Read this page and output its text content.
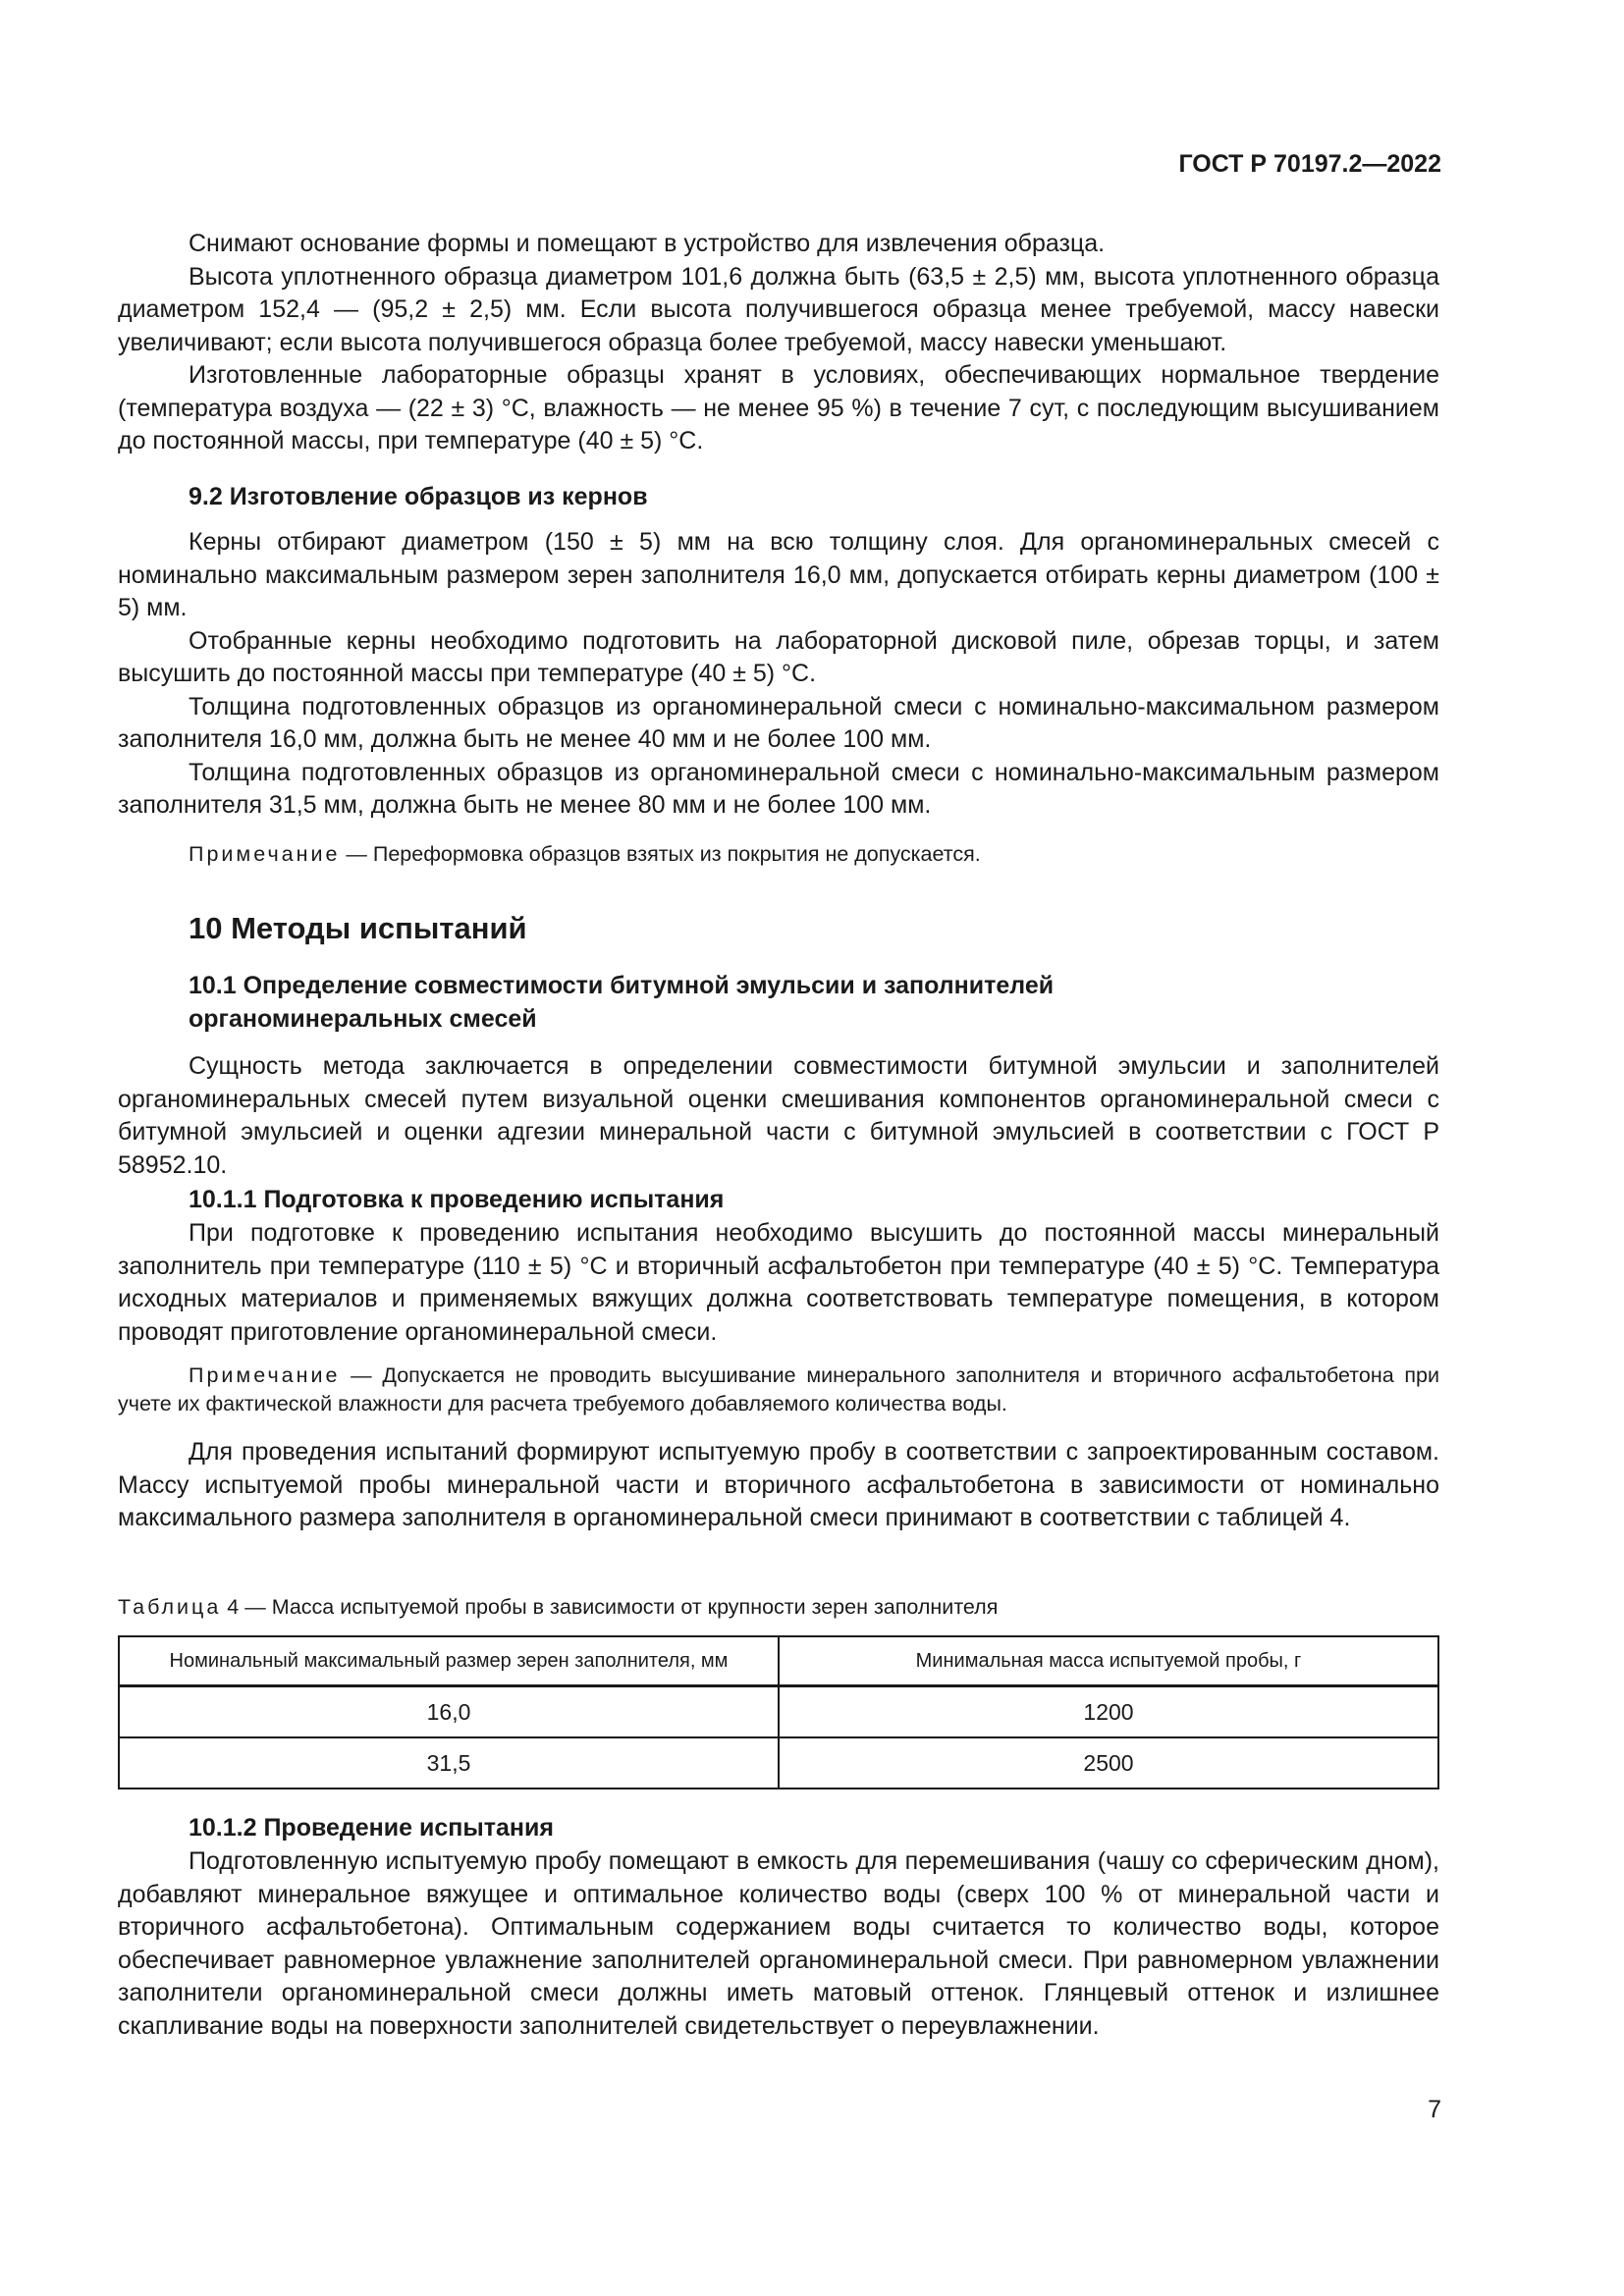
ГОСТ Р 70197.2—2022

Снимают основание формы и помещают в устройство для извлечения образца.

Высота уплотненного образца диаметром 101,6 должна быть (63,5 ± 2,5) мм, высота уплотненного образца диаметром 152,4 — (95,2 ± 2,5) мм. Если высота получившегося образца менее требуемой, массу навески увеличивают; если высота получившегося образца более требуемой, массу навески уменьшают.

Изготовленные лабораторные образцы хранят в условиях, обеспечивающих нормальное твердение (температура воздуха — (22 ± 3) °С, влажность — не менее 95 %) в течение 7 сут, с последующим высушиванием до постоянной массы, при температуре (40 ± 5) °С.

9.2 Изготовление образцов из кернов

Керны отбирают диаметром (150 ± 5) мм на всю толщину слоя. Для органоминеральных смесей с номинально максимальным размером зерен заполнителя 16,0 мм, допускается отбирать керны диаметром (100 ± 5) мм.

Отобранные керны необходимо подготовить на лабораторной дисковой пиле, обрезав торцы, и затем высушить до постоянной массы при температуре (40 ± 5) °С.

Толщина подготовленных образцов из органоминеральной смеси с номинально-максимальном размером заполнителя 16,0 мм, должна быть не менее 40 мм и не более 100 мм.

Толщина подготовленных образцов из органоминеральной смеси с номинально-максимальным размером заполнителя 31,5 мм, должна быть не менее 80 мм и не более 100 мм.

Примечание — Переформовка образцов взятых из покрытия не допускается.

10 Методы испытаний

10.1 Определение совместимости битумной эмульсии и заполнителей

органоминеральных смесей

Сущность метода заключается в определении совместимости битумной эмульсии и заполнителей органоминеральных смесей путем визуальной оценки смешивания компонентов органоминеральной смеси с битумной эмульсией и оценки адгезии минеральной части с битумной эмульсией в соответствии с ГОСТ Р 58952.10.

10.1.1 Подготовка к проведению испытания

При подготовке к проведению испытания необходимо высушить до постоянной массы минеральный заполнитель при температуре (110 ± 5) °С и вторичный асфальтобетон при температуре (40 ± 5) °С. Температура исходных материалов и применяемых вяжущих должна соответствовать температуре помещения, в котором проводят приготовление органоминеральной смеси.

Примечание — Допускается не проводить высушивание минерального заполнителя и вторичного асфальтобетона при учете их фактической влажности для расчета требуемого добавляемого количества воды.

Для проведения испытаний формируют испытуемую пробу в соответствии с запроектированным составом. Массу испытуемой пробы минеральной части и вторичного асфальтобетона в зависимости от номинально максимального размера заполнителя в органоминеральной смеси принимают в соответствии с таблицей 4.

Таблица 4 — Масса испытуемой пробы в зависимости от крупности зерен заполнителя

Номинальный максимальный размер зерен заполнителя, мм	Минимальная масса испытуемой пробы, г
16,0	1200
31,5	2500

10.1.2 Проведение испытания

Подготовленную испытуемую пробу помещают в емкость для перемешивания (чашу со сферическим дном), добавляют минеральное вяжущее и оптимальное количество воды (сверх 100 % от минеральной части и вторичного асфальтобетона). Оптимальным содержанием воды считается то количество воды, которое обеспечивает равномерное увлажнение заполнителей органоминеральной смеси. При равномерном увлажнении заполнители органоминеральной смеси должны иметь матовый оттенок. Глянцевый оттенок и излишнее скапливание воды на поверхности заполнителей свидетельствует о переувлажнении.

7
